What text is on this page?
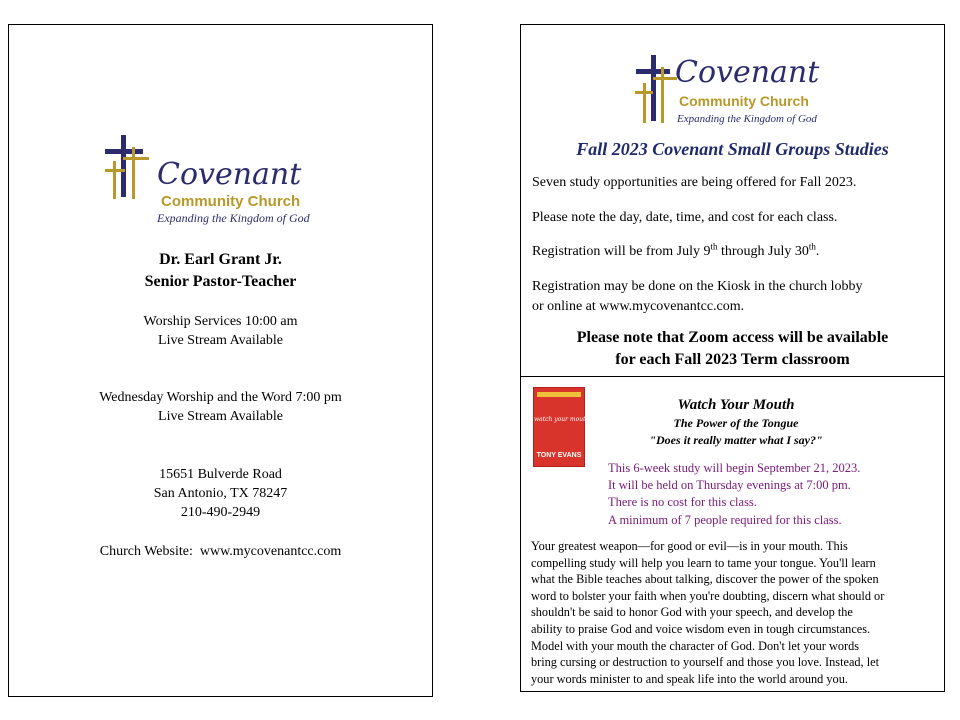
Covenant
Community Church
Expanding the Kingdom of God
Dr. Earl Grant Jr.
Senior Pastor-Teacher
Worship Services 10:00 am
Live Stream Available
Wednesday Worship and the Word 7:00 pm
Live Stream Available
15651 Bulverde Road
San Antonio, TX 78247
210-490-2949
Church Website: www.mycovenantcc.com
Covenant
Community Church
Expanding the Kingdom of God
Fall 2023 Covenant Small Groups Studies
Seven study opportunities are being offered for Fall 2023.
Please note the day, date, time, and cost for each class.
Registration will be from July 9th through July 30th.
Registration may be done on the Kiosk in the church lobby
or online at www.mycovenantcc.com.
Please note that Zoom access will be available
for each Fall 2023 Term classroom
watch your mouth
TONY EVANS
Watch Your Mouth
The Power of the Tongue
"Does it really matter what I say?"
This 6-week study will begin September 21, 2023.
It will be held on Thursday evenings at 7:00 pm.
There is no cost for this class.
A minimum of 7 people required for this class.
Your greatest weapon—for good or evil—is in your mouth. This
compelling study will help you learn to tame your tongue. You'll learn
what the Bible teaches about talking, discover the power of the spoken
word to bolster your faith when you're doubting, discern what should or
shouldn't be said to honor God with your speech, and develop the
ability to praise God and voice wisdom even in tough circumstances.
Model with your mouth the character of God. Don't let your words
bring cursing or destruction to yourself and those you love. Instead, let
your words minister to and speak life into the world around you.
